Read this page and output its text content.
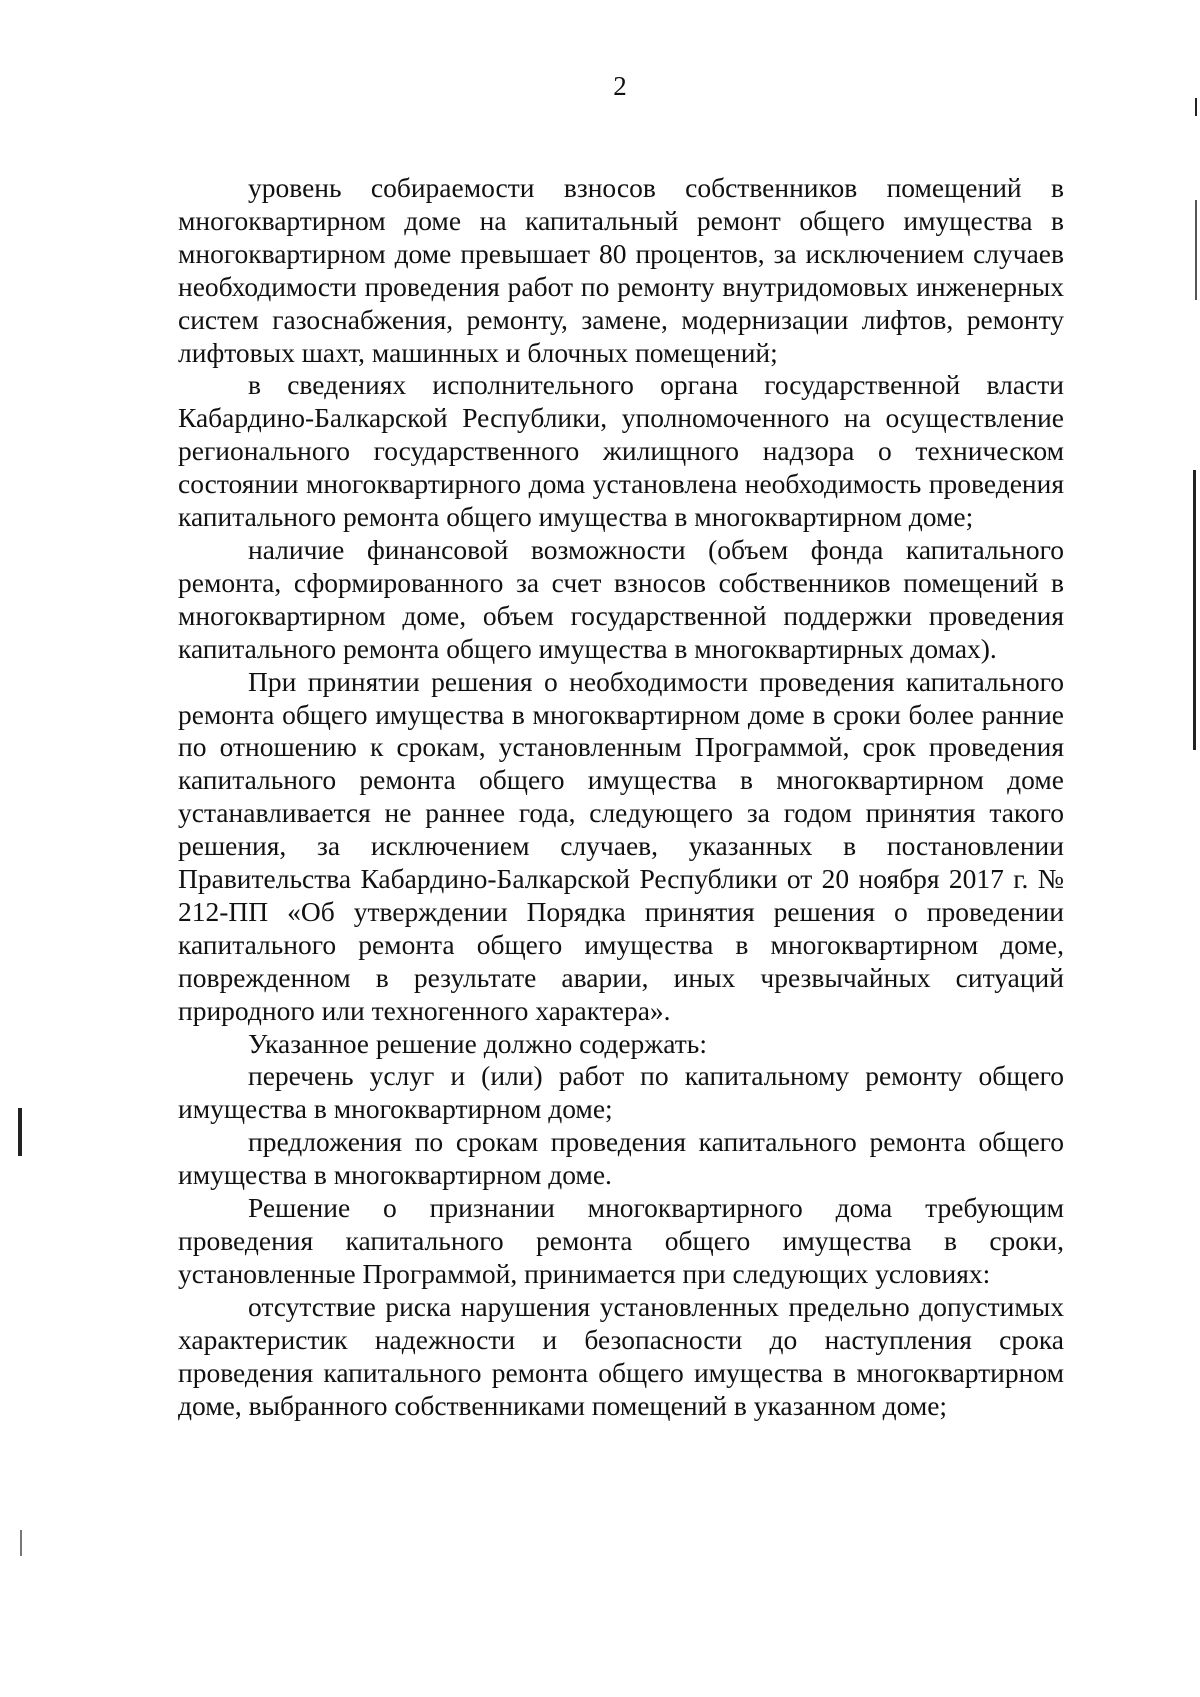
2

уровень собираемости взносов собственников помещений в многоквартирном доме на капитальный ремонт общего имущества в многоквартирном доме превышает 80 процентов, за исключением случаев необходимости проведения работ по ремонту внутридомовых инженерных систем газоснабжения, ремонту, замене, модернизации лифтов, ремонту лифтовых шахт, машинных и блочных помещений;

в сведениях исполнительного органа государственной власти Кабардино-Балкарской Республики, уполномоченного на осуществление регионального государственного жилищного надзора о техническом состоянии многоквартирного дома установлена необходимость проведения капитального ремонта общего имущества в многоквартирном доме;

наличие финансовой возможности (объем фонда капитального ремонта, сформированного за счет взносов собственников помещений в многоквартирном доме, объем государственной поддержки проведения капитального ремонта общего имущества в многоквартирных домах).

При принятии решения о необходимости проведения капитального ремонта общего имущества в многоквартирном доме в сроки более ранние по отношению к срокам, установленным Программой, срок проведения капитального ремонта общего имущества в многоквартирном доме устанавливается не раннее года, следующего за годом принятия такого решения, за исключением случаев, указанных в постановлении Правительства Кабардино-Балкарской Республики от 20 ноября 2017 г. № 212-ПП «Об утверждении Порядка принятия решения о проведении капитального ремонта общего имущества в многоквартирном доме, поврежденном в результате аварии, иных чрезвычайных ситуаций природного или техногенного характера».

Указанное решение должно содержать:

перечень услуг и (или) работ по капитальному ремонту общего имущества в многоквартирном доме;

предложения по срокам проведения капитального ремонта общего имущества в многоквартирном доме.

Решение о признании многоквартирного дома требующим проведения капитального ремонта общего имущества в сроки, установленные Программой, принимается при следующих условиях:

отсутствие риска нарушения установленных предельно допустимых характеристик надежности и безопасности до наступления срока проведения капитального ремонта общего имущества в многоквартирном доме, выбранного собственниками помещений в указанном доме;
